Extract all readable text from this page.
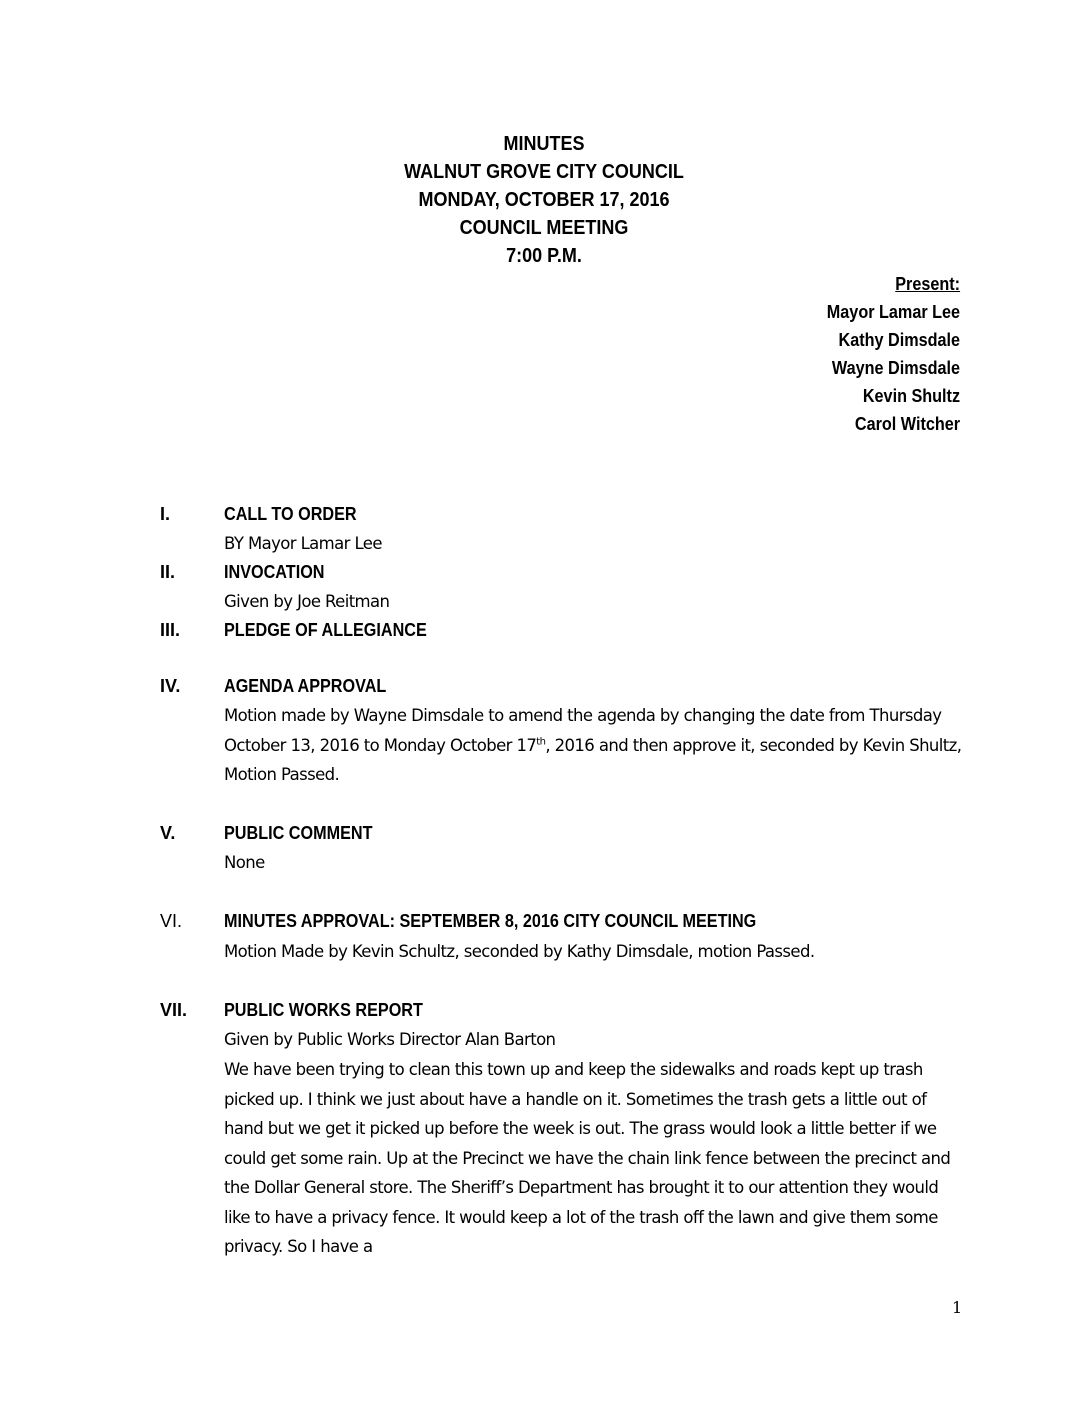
MINUTES
WALNUT GROVE CITY COUNCIL
MONDAY, OCTOBER 17, 2016
COUNCIL MEETING
7:00 P.M.
Present:
Mayor Lamar Lee
Kathy Dimsdale
Wayne Dimsdale
Kevin Shultz
Carol Witcher
I.	CALL TO ORDER
BY Mayor Lamar Lee
II.	INVOCATION
Given by Joe Reitman
III. PLEDGE OF ALLEGIANCE
IV. AGENDA APPROVAL
Motion made by Wayne Dimsdale to amend the agenda by changing the date from Thursday October 13, 2016 to Monday October 17th, 2016 and then approve it, seconded by Kevin Shultz, Motion Passed.
V.	PUBLIC COMMENT
None
VI. MINUTES APPROVAL: SEPTEMBER 8, 2016 CITY COUNCIL MEETING
Motion Made by Kevin Schultz, seconded by Kathy Dimsdale, motion Passed.
VII. PUBLIC WORKS REPORT
Given by Public Works Director Alan Barton
We have been trying to clean this town up and keep the sidewalks and roads kept up trash picked up. I think we just about have a handle on it. Sometimes the trash gets a little out of hand but we get it picked up before the week is out. The grass would look a little better if we could get some rain. Up at the Precinct we have the chain link fence between the precinct and the Dollar General store. The Sheriff’s Department has brought it to our attention they would like to have a privacy fence. It would keep a lot of the trash off the lawn and give them some privacy. So I have a
1
